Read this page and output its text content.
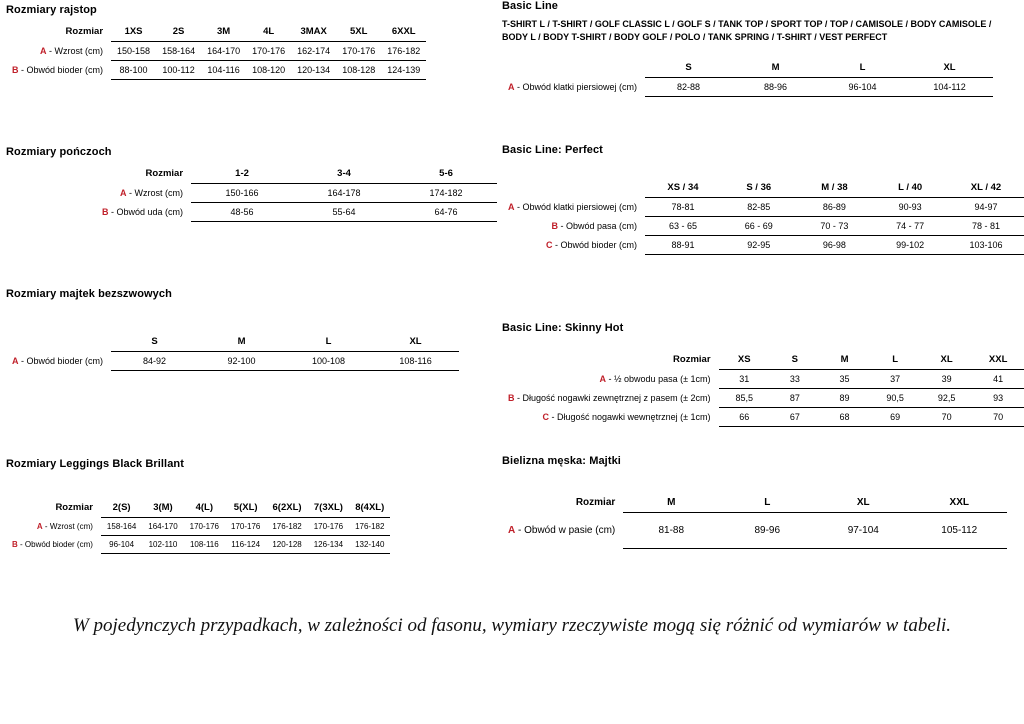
Rozmiary rajstop
Rozmiar	1XS	2S	3M	4L	3MAX	5XL	6XXL
A - Wzrost (cm)	150-158	158-164	164-170	170-176	162-174	170-176	176-182
B - Obwód bioder (cm)	88-100	100-112	104-116	108-120	120-134	108-128	124-139
Rozmiary pończoch
Rozmiar	1-2	3-4	5-6
A - Wzrost (cm)	150-166	164-178	174-182
B - Obwód uda (cm)	48-56	55-64	64-76
Rozmiary majtek bezszwowych
	S	M	L	XL
A - Obwód bioder (cm)	84-92	92-100	100-108	108-116
Rozmiary Leggings Black Brillant
Rozmiar	2(S)	3(M)	4(L)	5(XL)	6(2XL)	7(3XL)	8(4XL)
A - Wzrost (cm)	158-164	164-170	170-176	170-176	176-182	170-176	176-182
B - Obwód bioder (cm)	96-104	102-110	108-116	116-124	120-128	126-134	132-140
Basic Line
T-SHIRT L / T-SHIRT / GOLF CLASSIC L / GOLF S / TANK TOP / SPORT TOP / TOP / CAMISOLE / BODY CAMISOLE / BODY L / BODY T-SHIRT / BODY GOLF / POLO / TANK SPRING / T-SHIRT / VEST PERFECT
	S	M	L	XL
A - Obwód klatki piersiowej (cm)	82-88	88-96	96-104	104-112
Basic Line: Perfect
	XS / 34	S / 36	M / 38	L / 40	XL / 42
A - Obwód klatki piersiowej (cm)	78-81	82-85	86-89	90-93	94-97
B - Obwód pasa (cm)	63 - 65	66 - 69	70 - 73	74 - 77	78 - 81
C - Obwód bioder (cm)	88-91	92-95	96-98	99-102	103-106
Basic Line: Skinny Hot
Rozmiar	XS	S	M	L	XL	XXL
A - ½ obwodu pasa (± 1cm)	31	33	35	37	39	41
B - Długość nogawki zewnętrznej z pasem (± 2cm)	85,5	87	89	90,5	92,5	93
C - Długość nogawki wewnętrznej (± 1cm)	66	67	68	69	70	70
Bielizna męska: Majtki
Rozmiar	M	L	XL	XXL
A - Obwód w pasie (cm)	81-88	89-96	97-104	105-112
W pojedynczych przypadkach, w zależności od fasonu, wymiary rzeczywiste mogą się różnić od wymiarów w tabeli.
